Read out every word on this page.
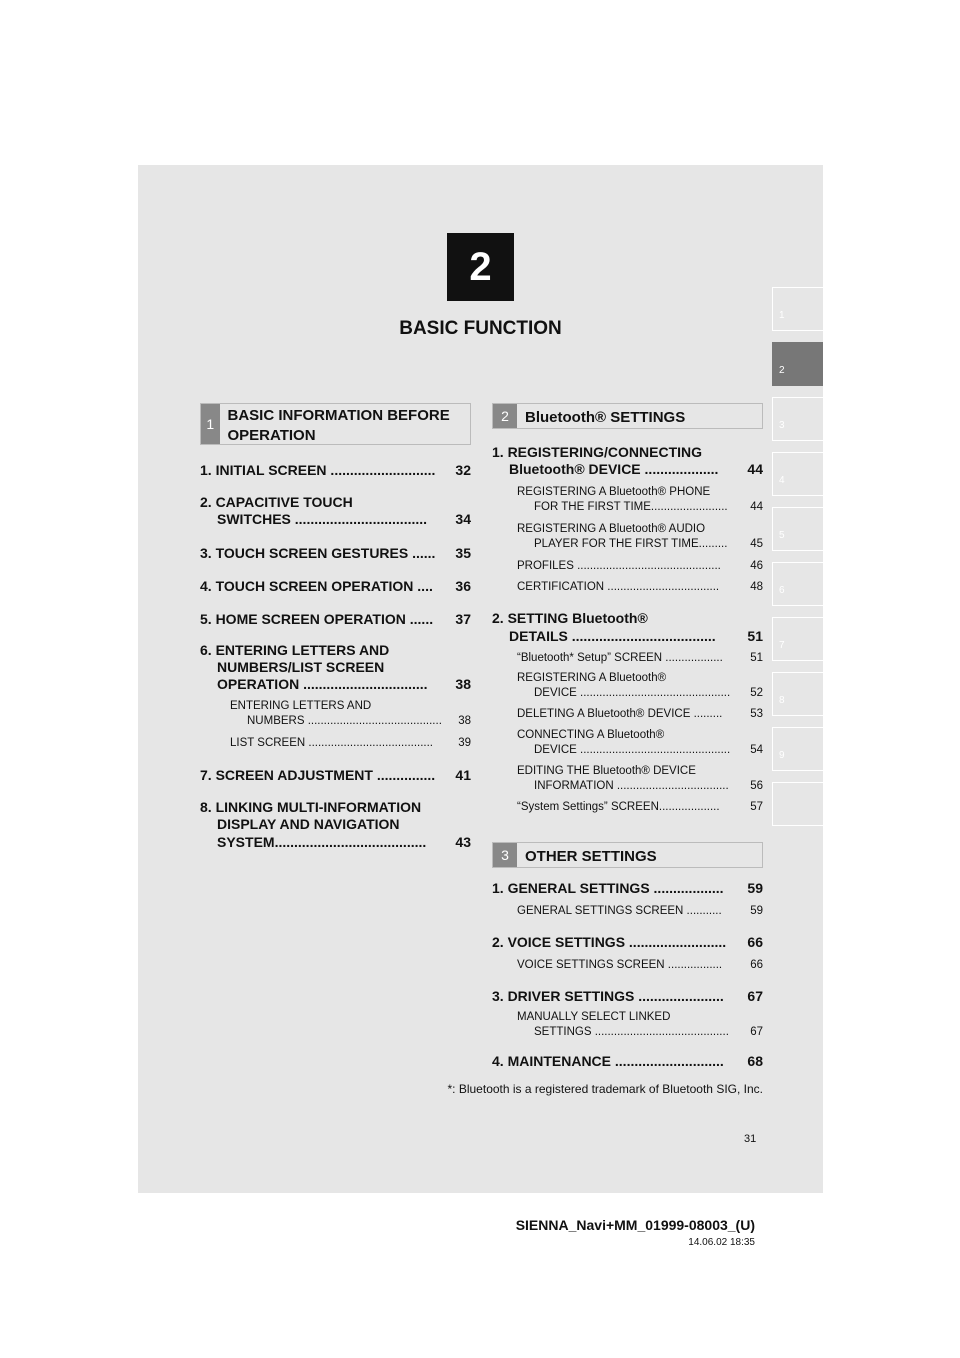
2
BASIC FUNCTION
1
2
3
4
5
6
7
8
9
1 BASIC INFORMATION BEFORE OPERATION
2	Bluetooth® SETTINGS
3	OTHER SETTINGS
1. INITIAL SCREEN ........................... 32
2. CAPACITIVE TOUCH
SWITCHES .................................. 34
3. TOUCH SCREEN GESTURES ...... 35
4. TOUCH SCREEN OPERATION .... 36
5. HOME SCREEN OPERATION ...... 37
6. ENTERING LETTERS AND
NUMBERS/LIST SCREEN
OPERATION ................................ 38
ENTERING LETTERS AND
NUMBERS .......................................... 38
LIST SCREEN ....................................... 39
7. SCREEN ADJUSTMENT ............... 41
8. LINKING MULTI-INFORMATION
DISPLAY AND NAVIGATION
SYSTEM....................................... 43
1. REGISTERING/CONNECTING
Bluetooth® DEVICE ................... 44
REGISTERING A Bluetooth® PHONE
FOR THE FIRST TIME........................ 44
REGISTERING A Bluetooth® AUDIO
PLAYER FOR THE FIRST TIME......... 45
PROFILES .............................................	46
CERTIFICATION ...................................	48
2. SETTING Bluetooth®
DETAILS ..................................... 51
“Bluetooth* Setup” SCREEN .................. 51
REGISTERING A Bluetooth®
DEVICE ............................................... 52
DELETING A Bluetooth® DEVICE ......... 53
CONNECTING A Bluetooth®
DEVICE ............................................... 54
EDITING THE Bluetooth® DEVICE
INFORMATION ................................... 56
“System Settings” SCREEN...................	57
1. GENERAL SETTINGS .................. 59
GENERAL SETTINGS SCREEN ........... 59
2. VOICE SETTINGS ......................... 66
VOICE SETTINGS SCREEN ................. 66
3. DRIVER SETTINGS ...................... 67
MANUALLY SELECT LINKED
SETTINGS .......................................... 67
4. MAINTENANCE ............................ 68
*: Bluetooth is a registered trademark of Bluetooth SIG, Inc.
31
SIENNA_Navi+MM_01999-08003_(U)
14.06.02 18:35
